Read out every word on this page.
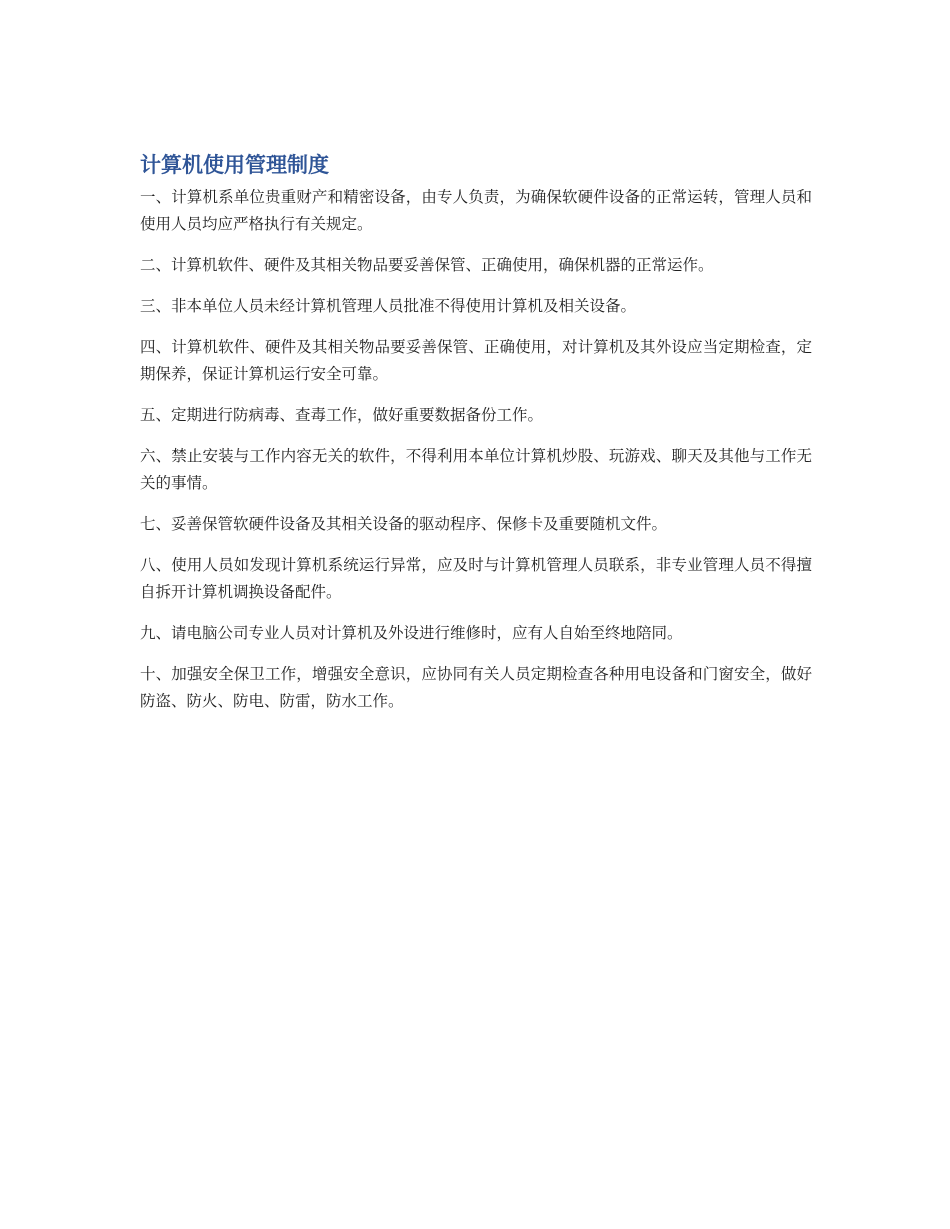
计算机使用管理制度

一、计算机系单位贵重财产和精密设备，由专人负责，为确保软硬件设备的正常运转，管理人员和使用人员均应严格执行有关规定。

二、计算机软件、硬件及其相关物品要妥善保管、正确使用，确保机器的正常运作。

三、非本单位人员未经计算机管理人员批准不得使用计算机及相关设备。

四、计算机软件、硬件及其相关物品要妥善保管、正确使用，对计算机及其外设应当定期检查，定期保养，保证计算机运行安全可靠。

五、定期进行防病毒、查毒工作，做好重要数据备份工作。

六、禁止安装与工作内容无关的软件，不得利用本单位计算机炒股、玩游戏、聊天及其他与工作无关的事情。

七、妥善保管软硬件设备及其相关设备的驱动程序、保修卡及重要随机文件。

八、使用人员如发现计算机系统运行异常，应及时与计算机管理人员联系，非专业管理人员不得擅自拆开计算机调换设备配件。

九、请电脑公司专业人员对计算机及外设进行维修时，应有人自始至终地陪同。

十、加强安全保卫工作，增强安全意识，应协同有关人员定期检查各种用电设备和门窗安全，做好防盗、防火、防电、防雷，防水工作。
